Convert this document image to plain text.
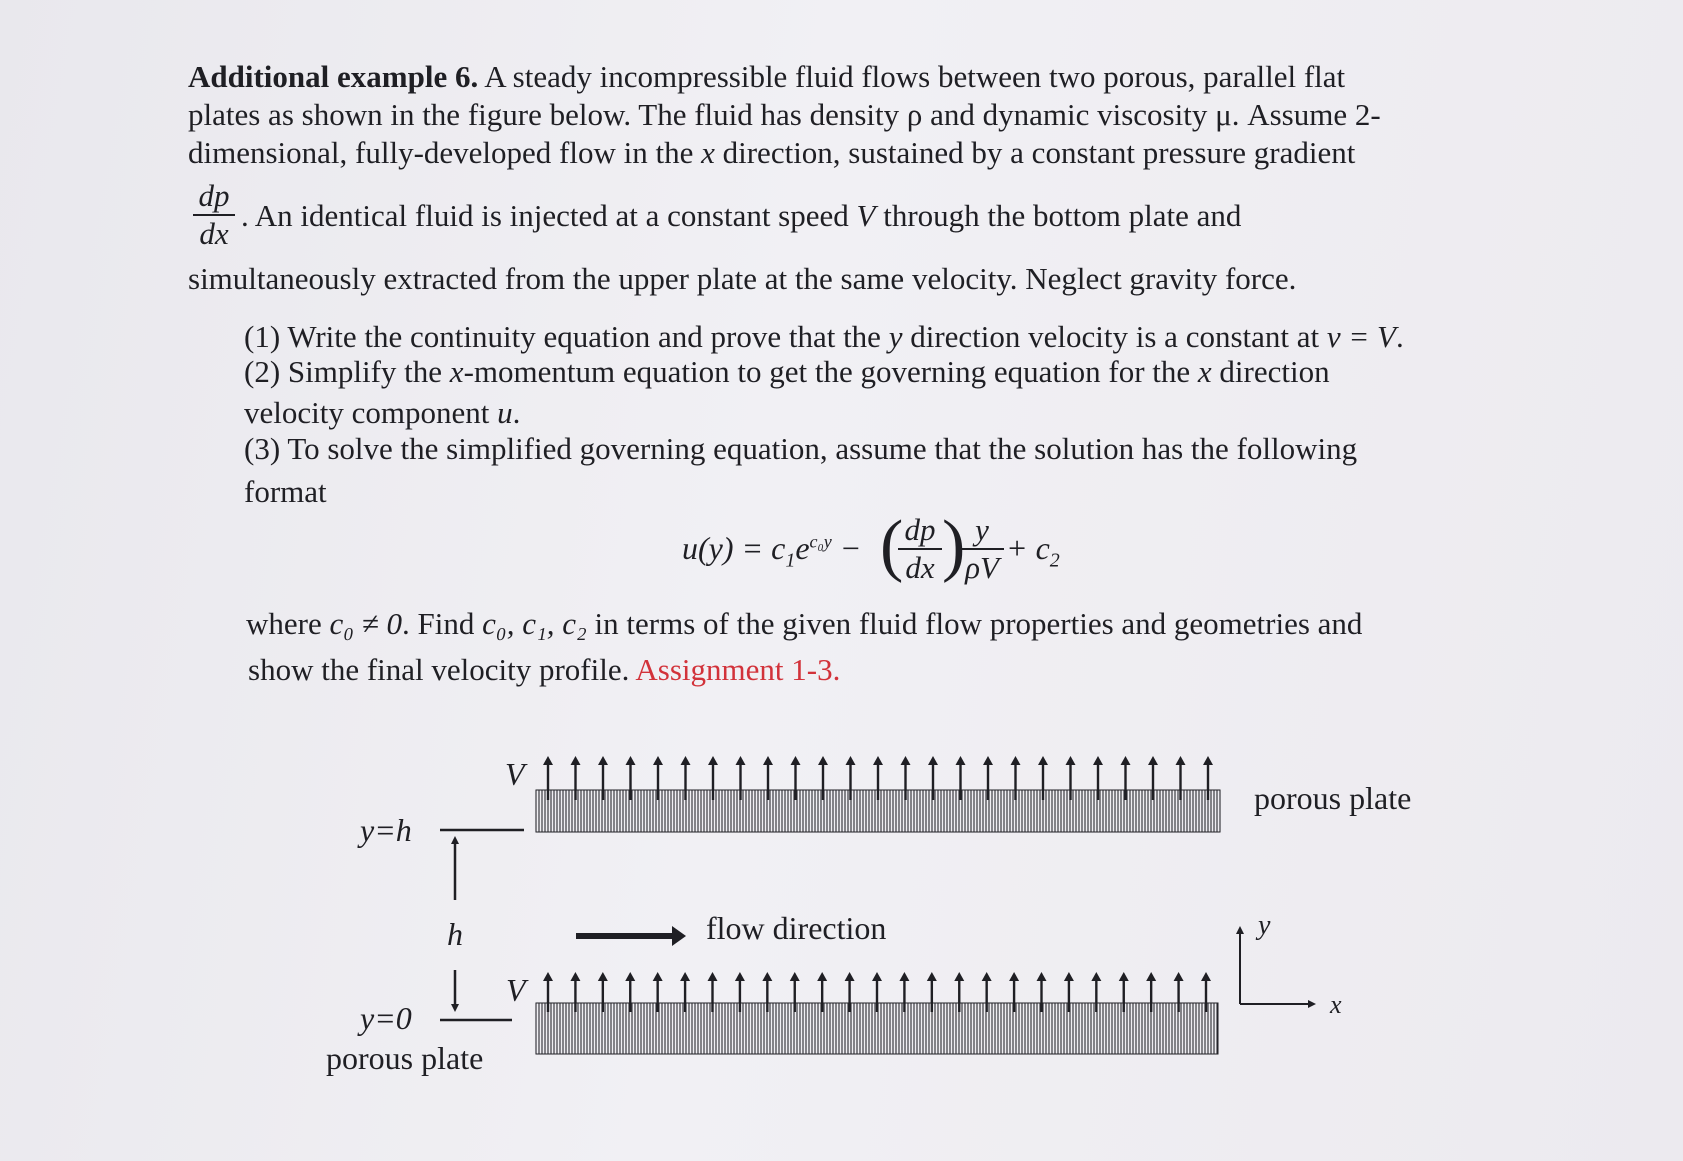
Additional example 6. A steady incompressible fluid flows between two porous, parallel flat
plates as shown in the figure below. The fluid has density ρ and dynamic viscosity μ. Assume 2-
dimensional, fully-developed flow in the x direction, sustained by a constant pressure gradient
dp
dx
. An identical fluid is injected at a constant speed V through the bottom plate and
simultaneously extracted from the upper plate at the same velocity. Neglect gravity force.
(1) Write the continuity equation and prove that the y direction velocity is a constant at v = V.
(2) Simplify the x-momentum equation to get the governing equation for the x direction
velocity component u.
(3) To solve the simplified governing equation, assume that the solution has the following
format
$u(y) = c_1e^{c_0y}$ − ( dp
dx ) y
ρV
+ $c_2$
where c₀ ≠ 0. Find c₀, c₁, c₂ in terms of the given fluid flow properties and geometries and
show the final velocity profile. Assignment 1-3.
V
y=h
porous plate
h	flow direction	y
x
V
y=0
porous plate
